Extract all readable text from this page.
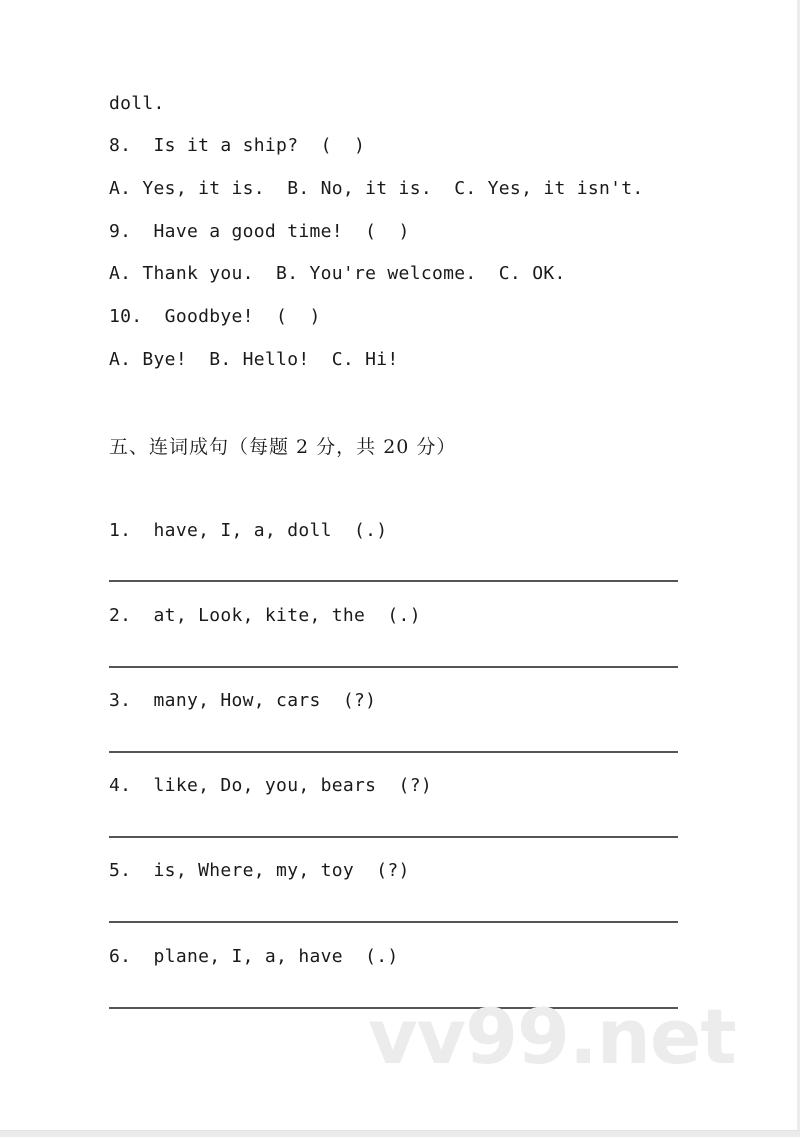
doll.
8.  Is it a ship?  (  )
A. Yes, it is.  B. No, it is.  C. Yes, it isn't.
9.  Have a good time!  (  )
A. Thank you.  B. You're welcome.  C. OK.
10.  Goodbye!  (  )
A. Bye!  B. Hello!  C. Hi!
五、连词成句（每题 2 分，共 20 分）
1.  have, I, a, doll  (.)
2.  at, Look, kite, the  (.)
3.  many, How, cars  (?)
4.  like, Do, you, bears  (?)
5.  is, Where, my, toy  (?)
6.  plane, I, a, have  (.)
vv99.net
